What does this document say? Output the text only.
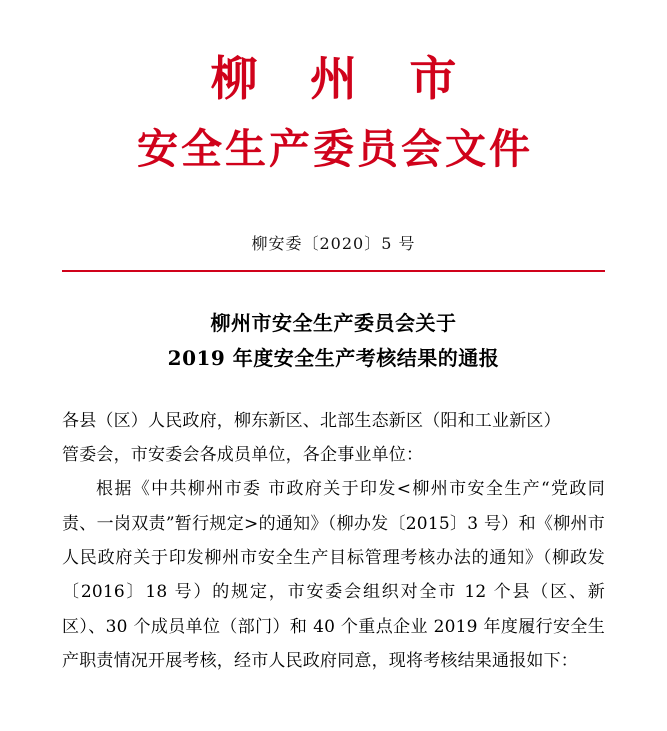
柳 州 市
安全生产委员会文件
柳安委〔2020〕5 号
柳州市安全生产委员会关于
2019 年度安全生产考核结果的通报

各县（区）人民政府，柳东新区、北部生态新区（阳和工业新区）

管委会，市安委会各成员单位，各企事业单位：

根据《中共柳州市委 市政府关于印发<柳州市安全生产“党政同责、一岗双责”暂行规定>的通知》（柳办发〔2015〕3 号）和《柳州市人民政府关于印发柳州市安全生产目标管理考核办法的通知》（柳政发〔2016〕18 号）的规定，市安委会组织对全市 12 个县（区、新区）、30 个成员单位（部门）和 40 个重点企业 2019 年度履行安全生产职责情况开展考核，经市人民政府同意，现将考核结果通报如下：
